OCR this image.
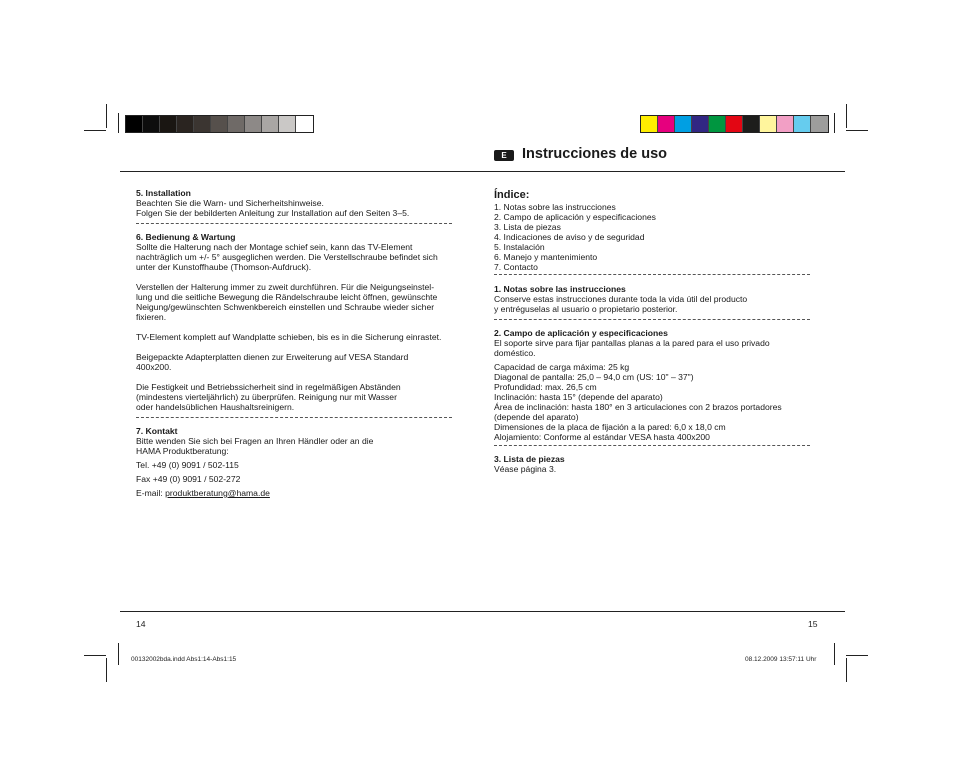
E	Instrucciones de uso

5. Installation

Beachten Sie die Warn- und Sicherheitshinweise.

Folgen Sie der bebilderten Anleitung zur Installation auf den Seiten 3–5.

6. Bedienung & Wartung

Sollte die Halterung nach der Montage schief sein, kann das TV-Element

nachträglich um +/- 5° ausgeglichen werden. Die Verstellschraube befindet sich

unter der Kunstoffhaube (Thomson-Aufdruck).

Verstellen der Halterung immer zu zweit durchführen. Für die Neigungseinstel-

lung und die seitliche Bewegung die Rändelschraube leicht öffnen, gewünschte

Neigung/gewünschten Schwenkbereich einstellen und Schraube wieder sicher

fixieren.

TV-Element komplett auf Wandplatte schieben, bis es in die Sicherung einrastet.

Beigepackte Adapterplatten dienen zur Erweiterung auf VESA Standard

400x200.

Die Festigkeit und Betriebssicherheit sind in regelmäßigen Abständen

(mindestens vierteljährlich) zu überprüfen. Reinigung nur mit Wasser

oder handelsüblichen Haushaltsreinigern.

7. Kontakt

Bitte wenden Sie sich bei Fragen an Ihren Händler oder an die

HAMA Produktberatung:

Tel. +49 (0) 9091 / 502-115

Fax +49 (0) 9091 / 502-272

E-mail: produktberatung@hama.de

Índice:

1. Notas sobre las instrucciones

2. Campo de aplicación y especificaciones

3. Lista de piezas

4. Indicaciones de aviso y de seguridad

5. Instalación

6. Manejo y mantenimiento

7. Contacto

1. Notas sobre las instrucciones

Conserve estas instrucciones durante toda la vida útil del producto

y entréguselas al usuario o propietario posterior.

2. Campo de aplicación y especificaciones

El soporte sirve para fijar pantallas planas a la pared para el uso privado

doméstico.

Capacidad de carga máxima: 25 kg

Diagonal de pantalla: 25,0 – 94,0 cm (US: 10" – 37")

Profundidad: max. 26,5 cm

Inclinación: hasta 15° (depende del aparato)

Área de inclinación: hasta 180° en 3 articulaciones con 2 brazos portadores

(depende del aparato)

Dimensiones de la placa de fijación a la pared: 6,0 x 18,0 cm

Alojamiento: Conforme al estándar VESA hasta 400x200

3. Lista de piezas

Véase página 3.

14	15
00132002bda.indd Abs1:14-Abs1:15	08.12.2009 13:57:11 Uhr
